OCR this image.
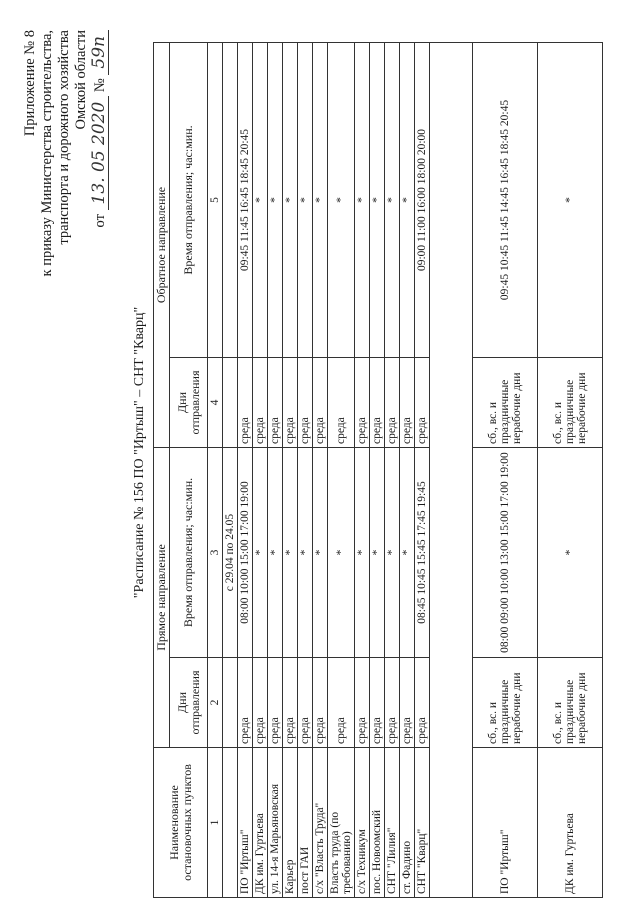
Приложение № 8 к приказу Министерства строительства, транспорта и дорожного хозяйства Омской области
от 13. 05 2020 № 59п
"Расписание № 156 ПО "Иртыш" – СНТ "Кварц"
Наименование остановочных пунктов	Прямое направление		Обратное направление	
	Дни отправления	Время отправления; час:мин.	Дни отправления	Время отправления; час:мин.
1	2	3	4	5
		с 29.04 по 24.05		
ПО "Иртыш"	среда	08:00 10:00 15:00 17:00 19:00	среда	09:45 11:45 16:45 18:45 20:45
ДК им. Гуртьева	среда	*	среда	*
ул. 14-я Марьяновская	среда	*	среда	*
Карьер	среда	*	среда	*
пост ГАИ	среда	*	среда	*
с/х "Власть Труда"	среда	*	среда	*
Власть труда (по требованию)	среда	*	среда	*
с/х Техникум	среда	*	среда	*
пос. Новоомский	среда	*	среда	*
СНТ "Лилия"	среда	*	среда	*
ст. Фадино	среда	*	среда	*
СНТ "Кварц"	среда	08:45 10:45 15:45 17:45 19:45	среда	09:00 11:00 16:00 18:00 20:00

ПО "Иртыш"	сб., вс. и праздничные нерабочие дни	08:00 09:00 10:00 13:00 15:00 17:00 19:00	сб., вс. и праздничные нерабочие дни	09:45 10:45 11:45 14:45 16:45 18:45 20:45
ДК им. Гуртьева	сб., вс. и праздничные нерабочие дни	*	сб., вс. и праздничные нерабочие дни	*
